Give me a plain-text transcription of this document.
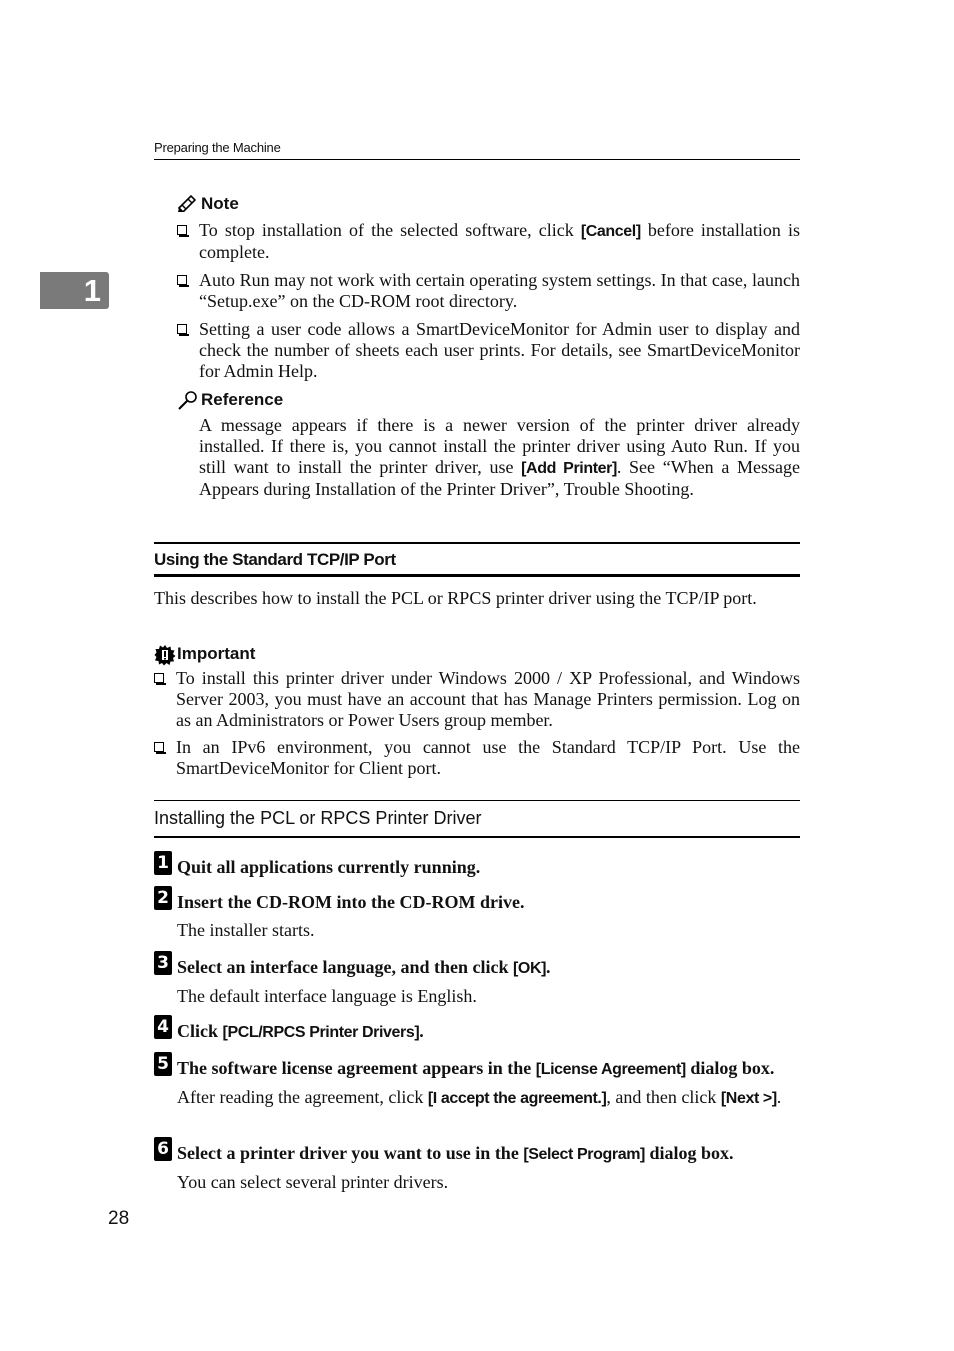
Preparing the Machine
1
Note
To stop installation of the selected software, click [Cancel] before installation is complete.
Auto Run may not work with certain operating system settings. In that case, launch “Setup.exe” on the CD-ROM root directory.
Setting a user code allows a SmartDeviceMonitor for Admin user to display and check the number of sheets each user prints. For details, see SmartDeviceMonitor for Admin Help.
Reference

A message appears if there is a newer version of the printer driver already installed. If there is, you cannot install the printer driver using Auto Run. If you still want to install the printer driver, use [Add Printer]. See “When a Message Appears during Installation of the Printer Driver”, Trouble Shooting.

Using the Standard TCP/IP Port

This describes how to install the PCL or RPCS printer driver using the TCP/IP port.

Important
To install this printer driver under Windows 2000 / XP Professional, and Windows Server 2003, you must have an account that has Manage Printers permission. Log on as an Administrators or Power Users group member.
In an IPv6 environment, you cannot use the Standard TCP/IP Port. Use the SmartDeviceMonitor for Client port.
Installing the PCL or RPCS Printer Driver
1 Quit all applications currently running.
2 Insert the CD-ROM into the CD-ROM drive.
The installer starts.
3 Select an interface language, and then click [OK].
The default interface language is English.
4 Click [PCL/RPCS Printer Drivers].
5 The software license agreement appears in the [License Agreement] dialog box.
After reading the agreement, click [I accept the agreement.], and then click [Next >].
6 Select a printer driver you want to use in the [Select Program] dialog box.
You can select several printer drivers.
28
